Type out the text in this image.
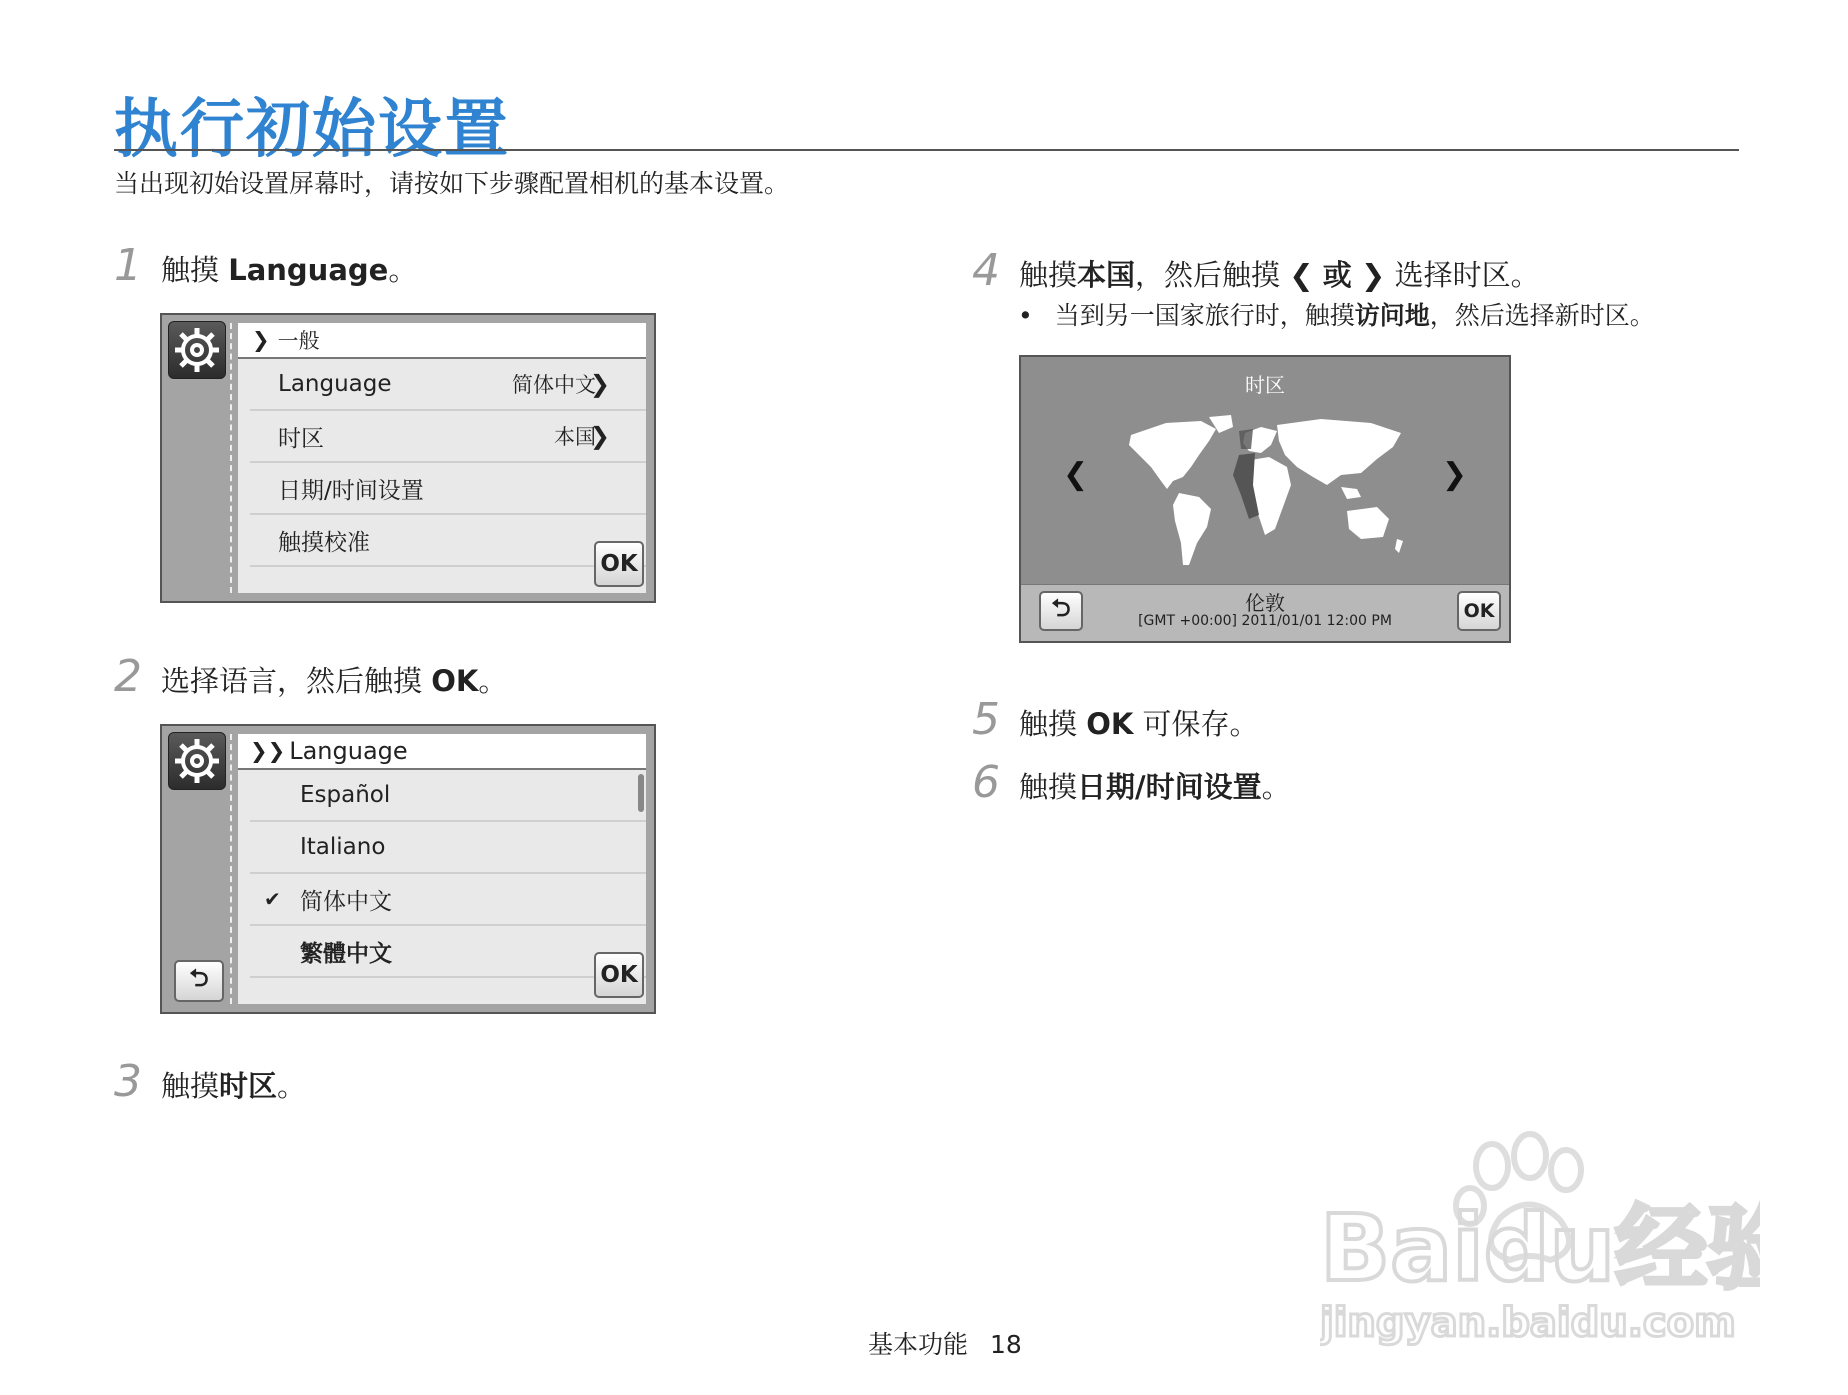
执行初始设置
当出现初始设置屏幕时，请按如下步骤配置相机的基本设置。
1 触摸 Language。
❯ 一般
Language	简体中文
❯
时区	本国
❯
日期/时间设置
触摸校准
OK
2 选择语言，然后触摸 OK。
⮌
❯❯ Language
Español
Italiano
✔ 简体中文
繁體中文
OK
3 触摸时区。
4 触摸本国，然后触摸 ❮ 或 ❯ 选择时区。
• 当到另一国家旅行时，触摸访问地，然后选择新时区。
时区
❮	❯
⮌	伦敦
[GMT +00:00] 2011/01/01 12:00 PM	OK
5 触摸 OK 可保存。
6 触摸日期/时间设置。
Baidu经验
jingyan.baidu.com
基本功能 18
